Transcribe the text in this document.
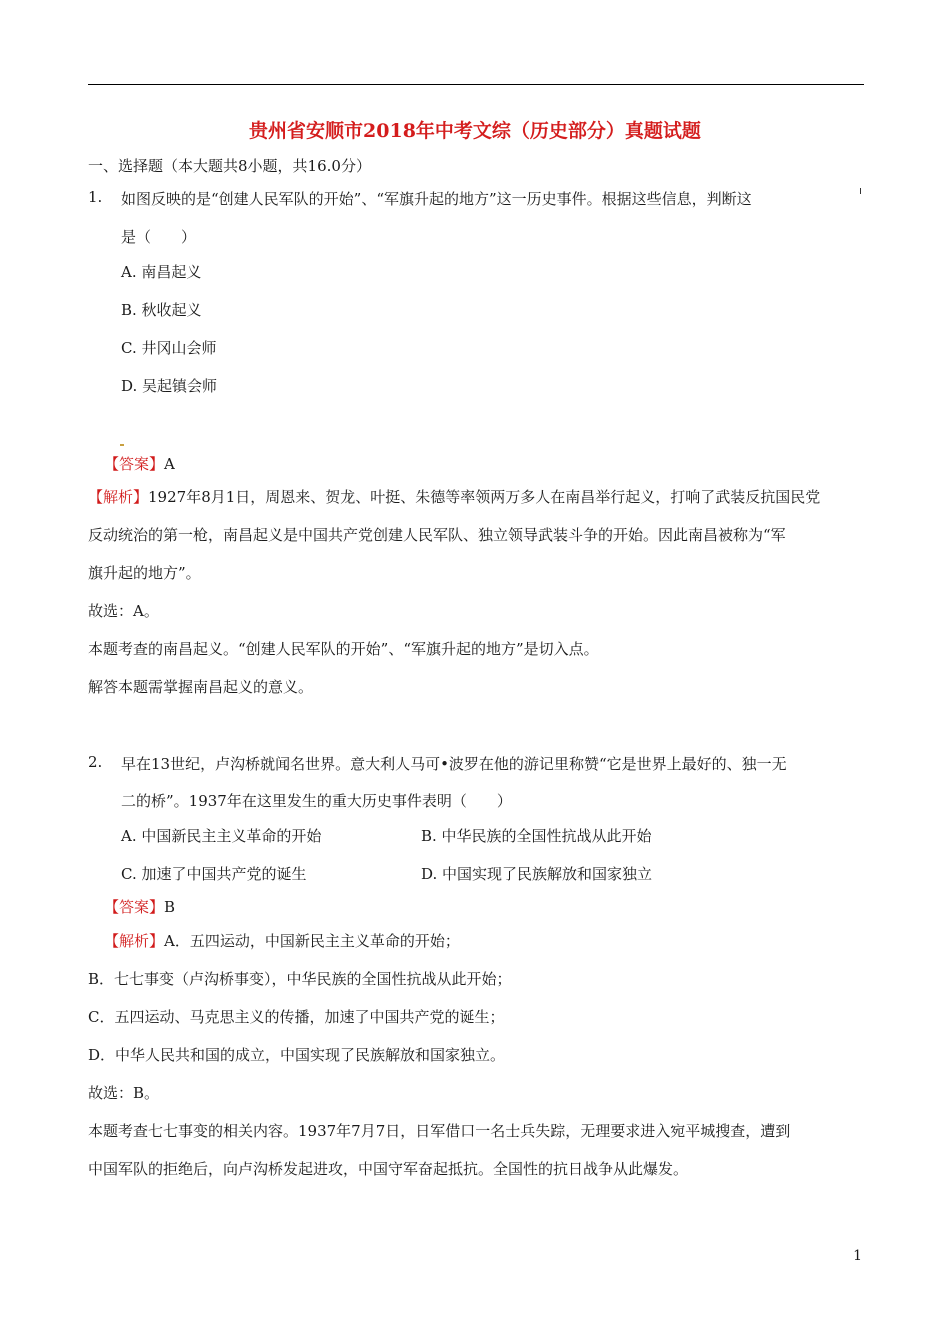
贵州省安顺市2018年中考文综（历史部分）真题试题
一、选择题（本大题共8小题，共16.0分）
1. 如图反映的是“创建人民军队的开始”、“军旗升起的地方”这一历史事件。根据这些信息，判断这
是（　　）
A. 南昌起义
B. 秋收起义
C. 井冈山会师
D. 吴起镇会师
【答案】A
【解析】1927年8月1日，周恩来、贺龙、叶挺、朱德等率领两万多人在南昌举行起义，打响了武装反抗国民党
反动统治的第一枪，南昌起义是中国共产党创建人民军队、独立领导武装斗争的开始。因此南昌被称为“军
旗升起的地方”。
故选：A。
本题考查的南昌起义。“创建人民军队的开始”、“军旗升起的地方”是切入点。
解答本题需掌握南昌起义的意义。
2. 早在13世纪，卢沟桥就闻名世界。意大利人马可•波罗在他的游记里称赞“它是世界上最好的、独一无
二的桥”。1937年在这里发生的重大历史事件表明（　　）
A. 中国新民主主义革命的开始	B. 中华民族的全国性抗战从此开始
C. 加速了中国共产党的诞生	D. 中国实现了民族解放和国家独立
【答案】B
【解析】A．五四运动，中国新民主主义革命的开始；
B．七七事变（卢沟桥事变），中华民族的全国性抗战从此开始；
C．五四运动、马克思主义的传播，加速了中国共产党的诞生；
D．中华人民共和国的成立，中国实现了民族解放和国家独立。
故选：B。
本题考查七七事变的相关内容。1937年7月7日，日军借口一名士兵失踪，无理要求进入宛平城搜查，遭到
中国军队的拒绝后，向卢沟桥发起进攻，中国守军奋起抵抗。全国性的抗日战争从此爆发。
1
